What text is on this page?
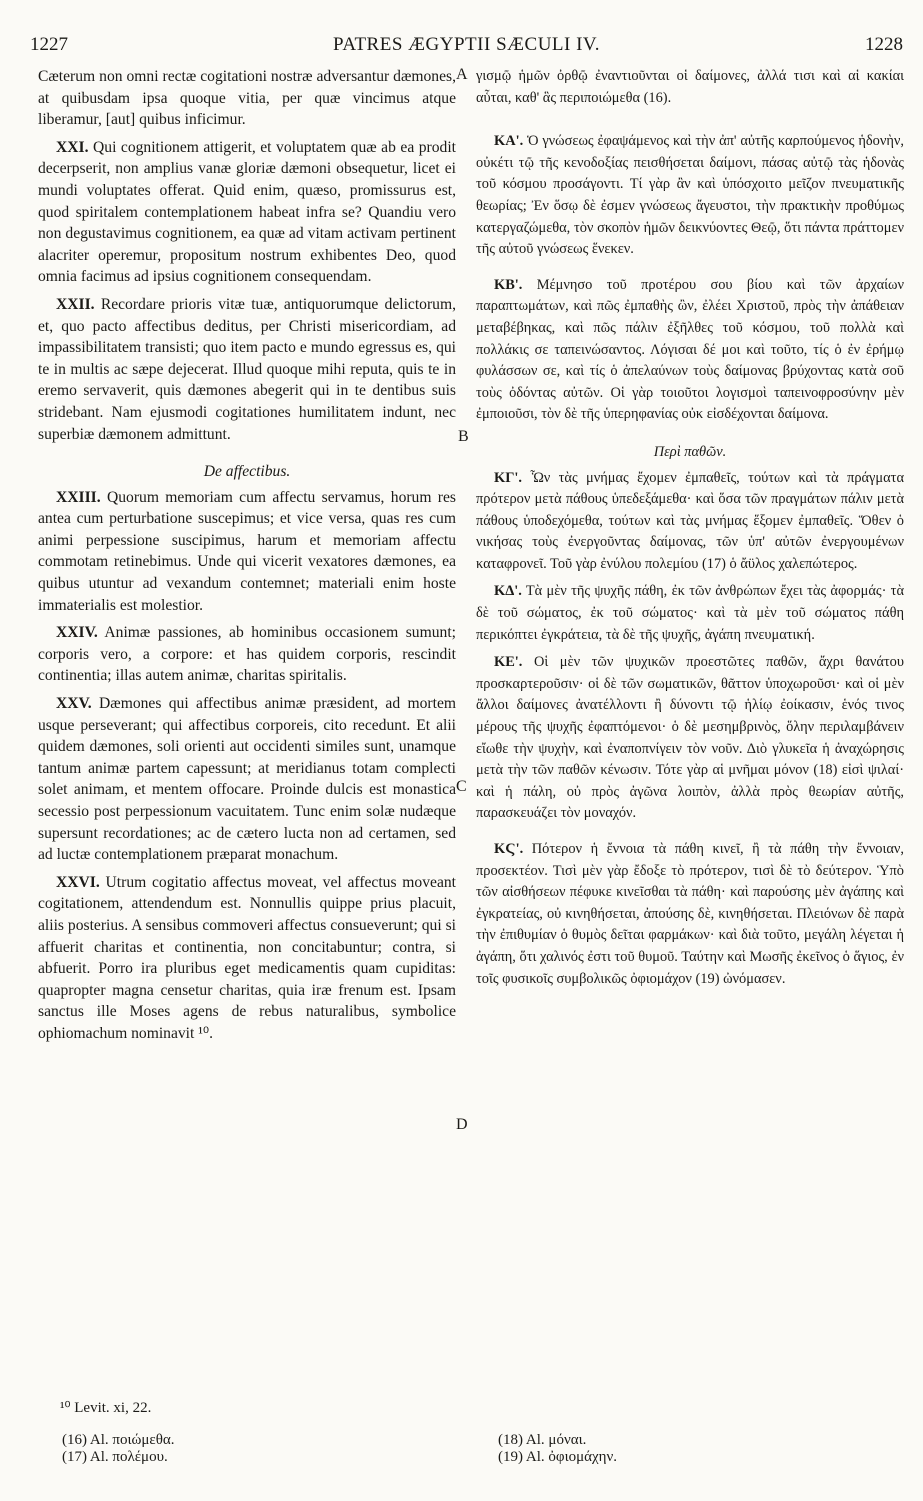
1227	PATRES ÆGYPTII SÆCULI IV.	1228
A
B
C
D

Cæterum non omni rectæ cogitationi nostræ adversantur dæmones, at quibusdam ipsa quoque vitia, per quæ vincimus atque liberamur, [aut] quibus inficimur.

XXI. Qui cognitionem attigerit, et voluptatem quæ ab ea prodit decerpserit, non amplius vanæ gloriæ dæmoni obsequetur, licet ei mundi voluptates offerat. Quid enim, quæso, promissurus est, quod spiritalem contemplationem habeat infra se? Quandiu vero non degustavimus cognitionem, ea quæ ad vitam activam pertinent alacriter operemur, propositum nostrum exhibentes Deo, quod omnia facimus ad ipsius cognitionem consequendam.

XXII. Recordare prioris vitæ tuæ, antiquorumque delictorum, et, quo pacto affectibus deditus, per Christi misericordiam, ad impassibilitatem transisti; quo item pacto e mundo egressus es, qui te in multis ac sæpe dejecerat. Illud quoque mihi reputa, quis te in eremo servaverit, quis dæmones abegerit qui in te dentibus suis stridebant. Nam ejusmodi cogitationes humilitatem indunt, nec superbiæ dæmonem admittunt.

De affectibus.

XXIII. Quorum memoriam cum affectu servamus, horum res antea cum perturbatione suscepimus; et vice versa, quas res cum animi perpessione suscipimus, harum et memoriam affectu commotam retinebimus. Unde qui vicerit vexatores dæmones, ea quibus utuntur ad vexandum contemnet; materiali enim hoste immaterialis est molestior.

XXIV. Animæ passiones, ab hominibus occasionem sumunt; corporis vero, a corpore: et has quidem corporis, rescindit continentia; illas autem animæ, charitas spiritalis.

XXV. Dæmones qui affectibus animæ præsident, ad mortem usque perseverant; qui affectibus corporeis, cito recedunt. Et alii quidem dæmones, soli orienti aut occidenti similes sunt, unamque tantum animæ partem capessunt; at meridianus totam complecti solet animam, et mentem offocare. Proinde dulcis est monastica secessio post perpessionum vacuitatem. Tunc enim solæ nudæque supersunt recordationes; ac de cætero lucta non ad certamen, sed ad luctæ contemplationem præparat monachum.

XXVI. Utrum cogitatio affectus moveat, vel affectus moveant cogitationem, attendendum est. Nonnullis quippe prius placuit, aliis posterius. A sensibus commoveri affectus consueverunt; qui si affuerit charitas et continentia, non concitabuntur; contra, si abfuerit. Porro ira pluribus eget medicamentis quam cupiditas: quapropter magna censetur charitas, quia iræ frenum est. Ipsam sanctus ille Moses agens de rebus naturalibus, symbolice ophiomachum nominavit ¹⁰.

γισμῷ ἡμῶν ὀρθῷ ἐναντιοῦνται οἱ δαίμονες, ἀλλά τισι καὶ αἱ κακίαι αὗται, καθ' ἃς περιποιώμεθα (16).

ΚΑ'. Ὁ γνώσεως ἐφαψάμενος καὶ τὴν ἀπ' αὐτῆς καρπούμενος ἡδονὴν, οὐκέτι τῷ τῆς κενοδοξίας πεισθήσεται δαίμονι, πάσας αὐτῷ τὰς ἡδονὰς τοῦ κόσμου προσάγοντι. Τί γὰρ ἂν καὶ ὑπόσχοιτο μεῖζον πνευματικῆς θεωρίας; Ἐν ὅσῳ δὲ ἐσμεν γνώσεως ἄγευστοι, τὴν πρακτικὴν προθύμως κατεργαζώμεθα, τὸν σκοπὸν ἡμῶν δεικνύοντες Θεῷ, ὅτι πάντα πράττομεν τῆς αὐτοῦ γνώσεως ἕνεκεν.

ΚΒ'. Μέμνησο τοῦ προτέρου σου βίου καὶ τῶν ἀρχαίων παραπτωμάτων, καὶ πῶς ἐμπαθὴς ὢν, ἐλέει Χριστοῦ, πρὸς τὴν ἀπάθειαν μεταβέβηκας, καὶ πῶς πάλιν ἐξῆλθες τοῦ κόσμου, τοῦ πολλὰ καὶ πολλάκις σε ταπεινώσαντος. Λόγισαι δέ μοι καὶ τοῦτο, τίς ὁ ἐν ἐρήμῳ φυλάσσων σε, καὶ τίς ὁ ἀπελαύνων τοὺς δαίμονας βρύχοντας κατὰ σοῦ τοὺς ὀδόντας αὐτῶν. Οἱ γὰρ τοιοῦτοι λογισμοὶ ταπεινοφροσύνην μὲν ἐμποιοῦσι, τὸν δὲ τῆς ὑπερηφανίας οὐκ εἰσδέχονται δαίμονα.

Περὶ παθῶν.

ΚΓ'. Ὧν τὰς μνήμας ἔχομεν ἐμπαθεῖς, τούτων καὶ τὰ πράγματα πρότερον μετὰ πάθους ὑπεδεξάμεθα· καὶ ὅσα τῶν πραγμάτων πάλιν μετὰ πάθους ὑποδεχόμεθα, τούτων καὶ τὰς μνήμας ἕξομεν ἐμπαθεῖς. Ὅθεν ὁ νικήσας τοὺς ἐνεργοῦντας δαίμονας, τῶν ὑπ' αὐτῶν ἐνεργουμένων καταφρονεῖ. Τοῦ γὰρ ἐνύλου πολεμίου (17) ὁ ἄϋλος χαλεπώτερος.

ΚΔ'. Τὰ μὲν τῆς ψυχῆς πάθη, ἐκ τῶν ἀνθρώπων ἔχει τὰς ἀφορμάς· τὰ δὲ τοῦ σώματος, ἐκ τοῦ σώματος· καὶ τὰ μὲν τοῦ σώματος πάθη περικόπτει ἐγκράτεια, τὰ δὲ τῆς ψυχῆς, ἀγάπη πνευματική.

ΚΕ'. Οἱ μὲν τῶν ψυχικῶν προεστῶτες παθῶν, ἄχρι θανάτου προσκαρτεροῦσιν· οἱ δὲ τῶν σωματικῶν, θᾶττον ὑποχωροῦσι· καὶ οἱ μὲν ἄλλοι δαίμονες ἀνατέλλοντι ἢ δύνοντι τῷ ἡλίῳ ἐοίκασιν, ἑνός τινος μέρους τῆς ψυχῆς ἐφαπτόμενοι· ὁ δὲ μεσημβρινὸς, ὅλην περιλαμβάνειν εἴωθε τὴν ψυχὴν, καὶ ἐναποπνίγειν τὸν νοῦν. Διὸ γλυκεῖα ἡ ἀναχώρησις μετὰ τὴν τῶν παθῶν κένωσιν. Τότε γὰρ αἱ μνῆμαι μόνον (18) εἰσὶ ψιλαί· καὶ ἡ πάλη, οὐ πρὸς ἀγῶνα λοιπὸν, ἀλλὰ πρὸς θεωρίαν αὐτῆς, παρασκευάζει τὸν μοναχόν.

ΚϚ'. Πότερον ἡ ἔννοια τὰ πάθη κινεῖ, ἢ τὰ πάθη τὴν ἔννοιαν, προσεκτέον. Τισὶ μὲν γὰρ ἔδοξε τὸ πρότερον, τισὶ δὲ τὸ δεύτερον. Ὑπὸ τῶν αἰσθήσεων πέφυκε κινεῖσθαι τὰ πάθη· καὶ παρούσης μὲν ἀγάπης καὶ ἐγκρατείας, οὐ κινηθήσεται, ἀπούσης δὲ, κινηθήσεται. Πλειόνων δὲ παρὰ τὴν ἐπιθυμίαν ὁ θυμὸς δεῖται φαρμάκων· καὶ διὰ τοῦτο, μεγάλη λέγεται ἡ ἀγάπη, ὅτι χαλινός ἐστι τοῦ θυμοῦ. Ταύτην καὶ Μωσῆς ἐκεῖνος ὁ ἅγιος, ἐν τοῖς φυσικοῖς συμβολικῶς ὀφιομάχον (19) ὠνόμασεν.

¹⁰ Levit. xi, 22.
(16) Al. ποιώμεθα.
(17) Al. πολέμου.
(18) Al. μόναι.
(19) Al. ὀφιομάχην.
